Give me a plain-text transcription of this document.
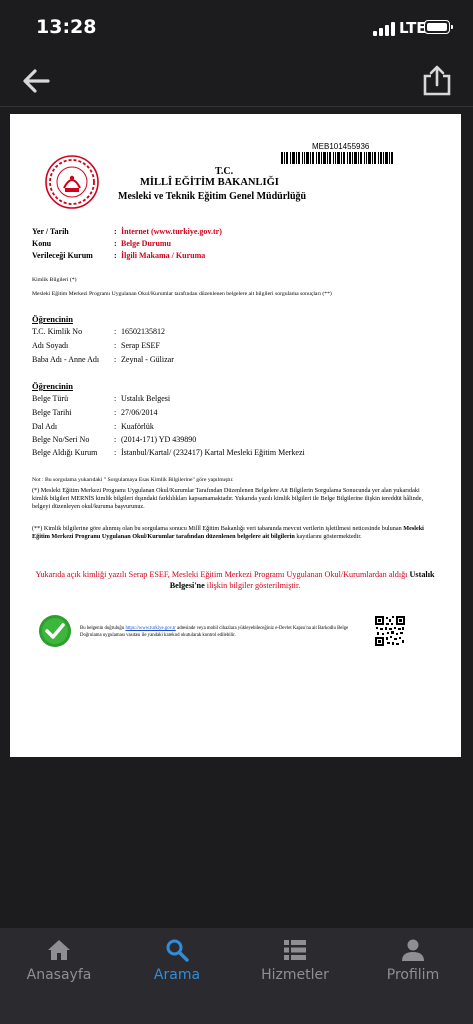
13:28	LTE
MEB101455936
T.C.
MİLLÎ EĞİTİM BAKANLIĞI
Mesleki ve Teknik Eğitim Genel Müdürlüğü
Yer / Tarih	: İnternet (www.turkiye.gov.tr)
Konu	: Belge Durumu
Verileceği Kurum	: İlgili Makama / Kuruma
Kimlik Bilgileri (*)
Mesleki Eğitim Merkezi Programı Uygulanan Okul/Kurumlar tarafından düzenlenen belgelere ait bilgileri sorgulama sonuçları (**)
Öğrencinin
T.C. Kimlik No	: 16502135812
Adı Soyadı	: Serap ESEF
Baba Adı - Anne Adı	: Zeynal - Gülizar
Öğrencinin
Belge Türü	: Ustalık Belgesi
Belge Tarihi	: 27/06/2014
Dal Adı	: Kuaförlük
Belge No/Seri No	: (2014-171) YD 439890
Belge Aldığı Kurum	: İstanbul/Kartal/ (232417) Kartal Mesleki Eğitim Merkezi
Not : Bu sorgulama yukarıdaki " Sorgulamaya Esas Kimlik Bilgilerine" göre yapılmıştır.
(*) Mesleki Eğitim Merkezi Programı Uygulanan Okul/Kurumlar Tarafından Düzenlenen Belgelere Ait Bilgilerin Sorgulama Sonucunda yer alan yukarıdaki kimlik bilgileri MERNİS kimlik bilgileri dışındaki farklılıkları kapsamamaktadır. Yukarıda yazılı kimlik bilgileri ile Belge Bilgilerine ilişkin tereddüt hâlinde, belgeyi düzenleyen okul/kuruma başvurunuz.
(**) Kimlik bilgilerine göre alınmış olan bu sorgulama sonucu Millî Eğitim Bakanlığı veri tabanında mevcut verilerin işletilmesi neticesinde bulunan Mesleki Eğitim Merkezi Programı Uygulanan Okul/Kurumlar tarafından düzenlenen belgelere ait bilgilerin kayıtlarını göstermektedir.
Yukarıda açık kimliği yazılı Serap ESEF, Mesleki Eğitim Merkezi Programı Uygulanan Okul/Kurumlardan aldığı Ustalık Belgesi'ne ilişkin bilgiler gösterilmiştir.
Bu belgenin doğruluğu https://www.turkiye.gov.tr adresinde veya mobil cihazlara yükleyebileceğiniz e-Devlet Kapısı'na ait Barkodlu Belge Doğrulama uygulaması vasıtası ile yandaki karekod okutularak kontrol edilebilir.
Anasayfa	Arama	Hizmetler	Profilim
